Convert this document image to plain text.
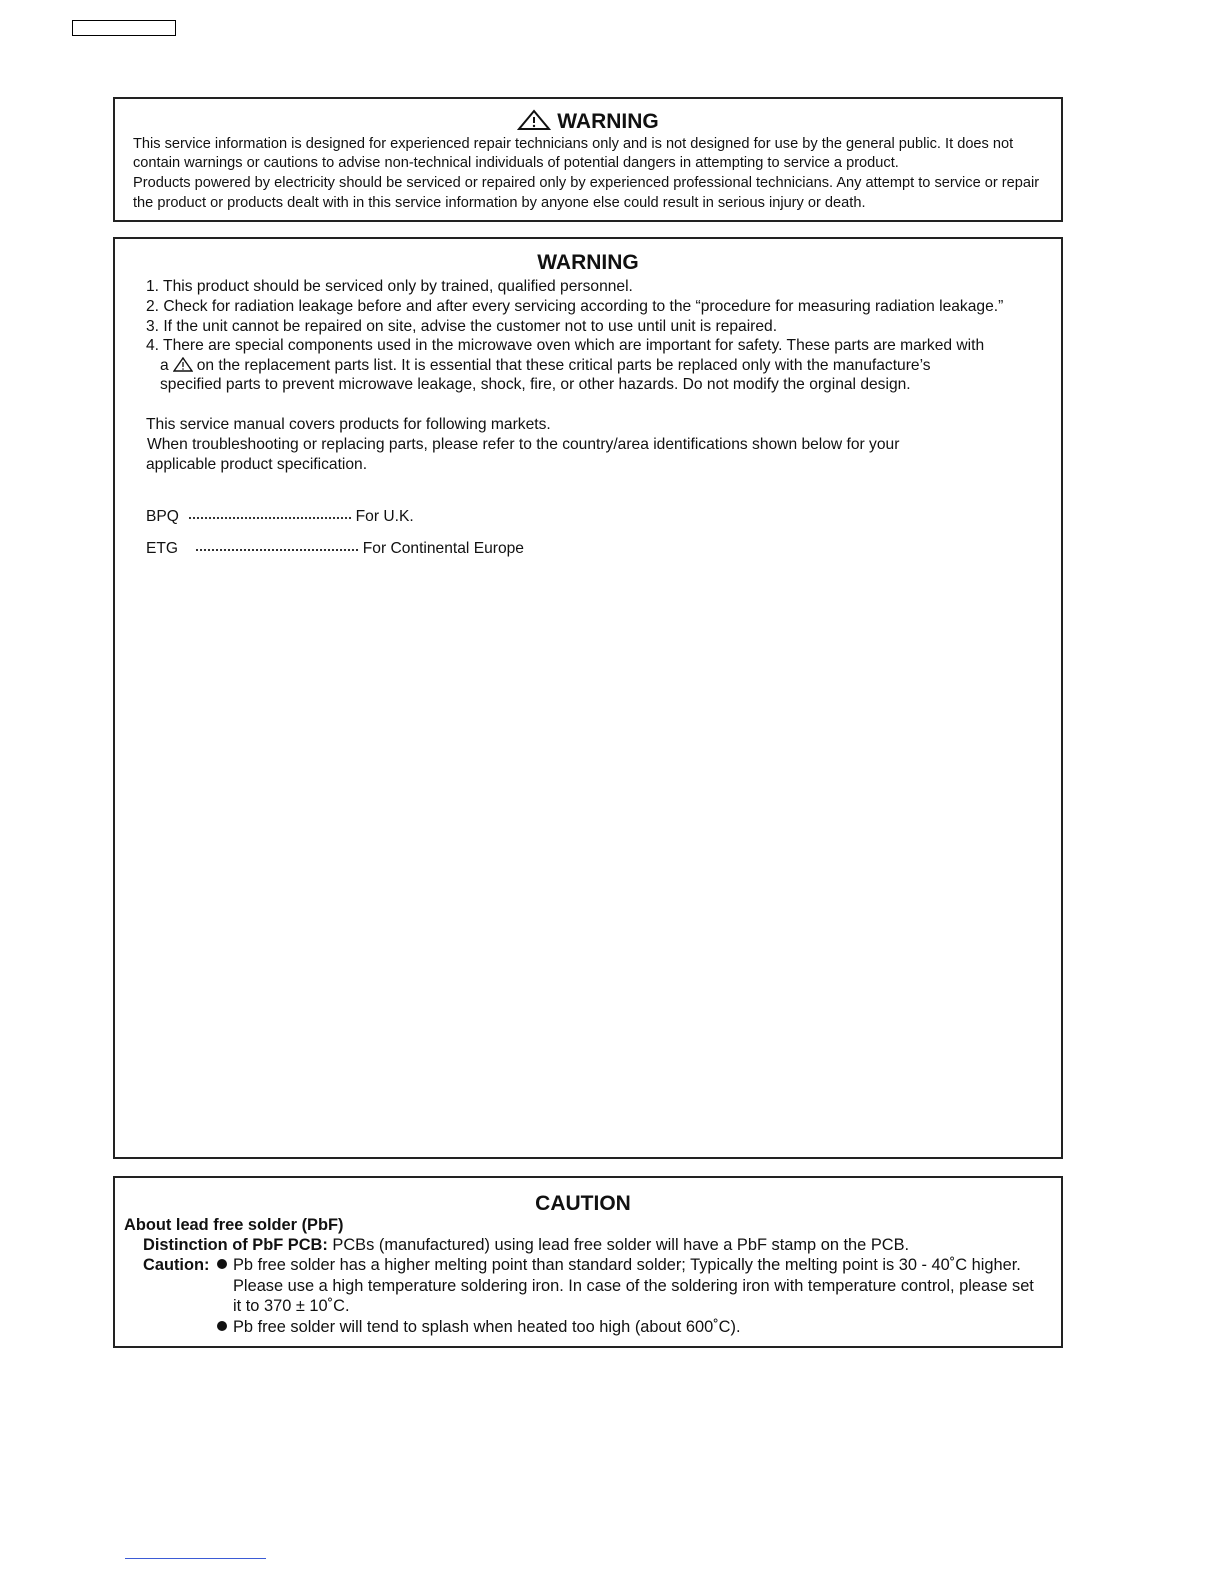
WARNING
This service information is designed for experienced repair technicians only and is not designed for use by the general public. It does not
contain warnings or cautions to advise non-technical individuals of potential dangers in attempting to service a product.
Products powered by electricity should be serviced or repaired only by experienced professional technicians. Any attempt to service or repair
the product or products dealt with in this service information by anyone else could result in serious injury or death.
WARNING
1. This product should be serviced only by trained, qualified personnel.
2. Check for radiation leakage before and after every servicing according to the “procedure for measuring radiation leakage.”
3. If the unit cannot be repaired on site, advise the customer not to use until unit is repaired.
4. There are special components used in the microwave oven which are important for safety. These parts are marked with
a on the replacement parts list. It is essential that these critical parts be replaced only with the manufacture’s
specified parts to prevent microwave leakage, shock, fire, or other hazards. Do not modify the orginal design.
This service manual covers products for following markets.
When troubleshooting or replacing parts, please refer to the country/area identifications shown below for your
applicable product specification.
BPQ	For U.K.
ETG	For Continental Europe
CAUTION
About lead free solder (PbF)
Distinction of PbF PCB: PCBs (manufactured) using lead free solder will have a PbF stamp on the PCB.
Caution:	Pb free solder has a higher melting point than standard solder; Typically the melting point is 30 - 40˚C higher.
Please use a high temperature soldering iron. In case of the soldering iron with temperature control, please set
it to 370 ± 10˚C.
Pb free solder will tend to splash when heated too high (about 600˚C).
